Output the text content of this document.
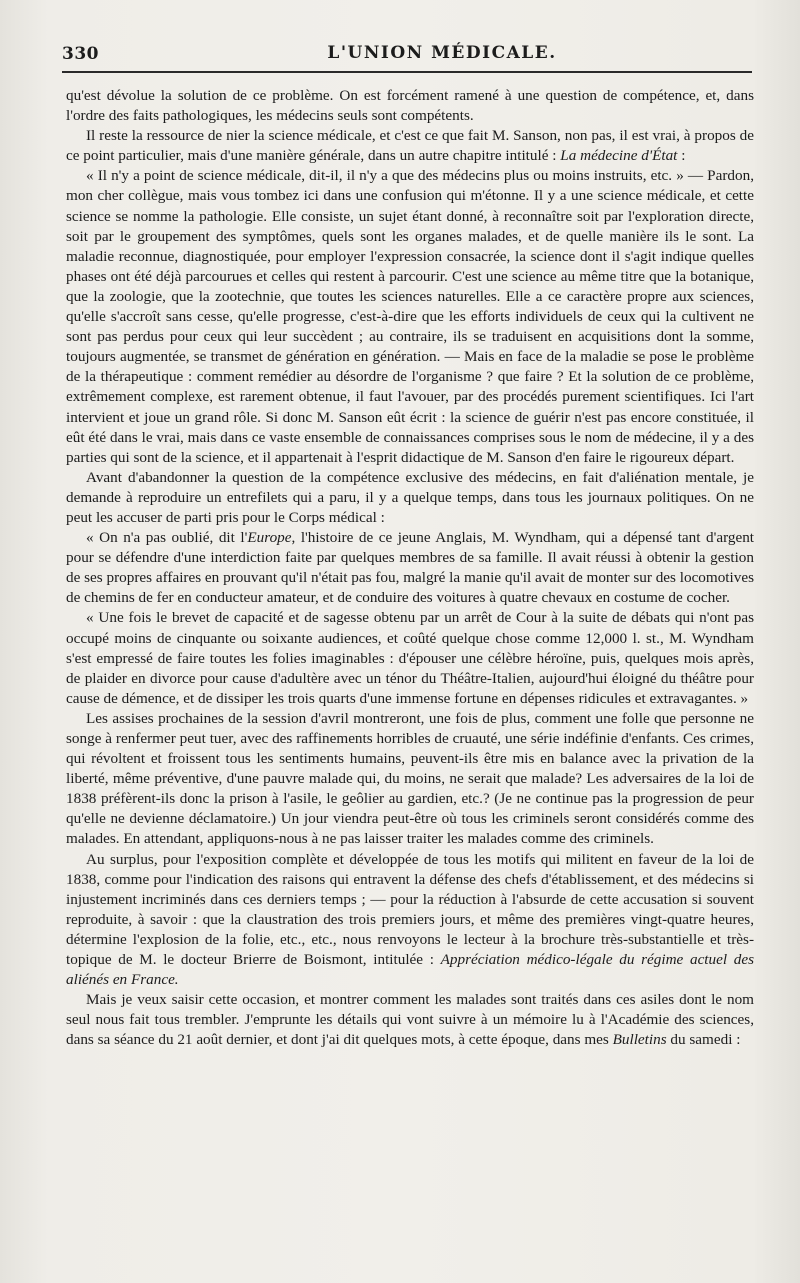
330	L'UNION MÉDICALE.

qu'est dévolue la solution de ce problème. On est forcément ramené à une question de compétence, et, dans l'ordre des faits pathologiques, les médecins seuls sont compétents.

Il reste la ressource de nier la science médicale, et c'est ce que fait M. Sanson, non pas, il est vrai, à propos de ce point particulier, mais d'une manière générale, dans un autre chapitre intitulé : La médecine d'État :

« Il n'y a point de science médicale, dit-il, il n'y a que des médecins plus ou moins instruits, etc. » — Pardon, mon cher collègue, mais vous tombez ici dans une confusion qui m'étonne. Il y a une science médicale, et cette science se nomme la pathologie. Elle consiste, un sujet étant donné, à reconnaître soit par l'exploration directe, soit par le groupement des symptômes, quels sont les organes malades, et de quelle manière ils le sont. La maladie reconnue, diagnostiquée, pour employer l'expression consacrée, la science dont il s'agit indique quelles phases ont été déjà parcourues et celles qui restent à parcourir. C'est une science au même titre que la botanique, que la zoologie, que la zootechnie, que toutes les sciences naturelles. Elle a ce caractère propre aux sciences, qu'elle s'accroît sans cesse, qu'elle progresse, c'est-à-dire que les efforts individuels de ceux qui la cultivent ne sont pas perdus pour ceux qui leur succèdent ; au contraire, ils se traduisent en acquisitions dont la somme, toujours augmentée, se transmet de génération en génération. — Mais en face de la maladie se pose le problème de la thérapeutique : comment remédier au désordre de l'organisme ? que faire ? Et la solution de ce problème, extrêmement complexe, est rarement obtenue, il faut l'avouer, par des procédés purement scientifiques. Ici l'art intervient et joue un grand rôle. Si donc M. Sanson eût écrit : la science de guérir n'est pas encore constituée, il eût été dans le vrai, mais dans ce vaste ensemble de connaissances comprises sous le nom de médecine, il y a des parties qui sont de la science, et il appartenait à l'esprit didactique de M. Sanson d'en faire le rigoureux départ.

Avant d'abandonner la question de la compétence exclusive des médecins, en fait d'aliénation mentale, je demande à reproduire un entrefilets qui a paru, il y a quelque temps, dans tous les journaux politiques. On ne peut les accuser de parti pris pour le Corps médical :

« On n'a pas oublié, dit l'Europe, l'histoire de ce jeune Anglais, M. Wyndham, qui a dépensé tant d'argent pour se défendre d'une interdiction faite par quelques membres de sa famille. Il avait réussi à obtenir la gestion de ses propres affaires en prouvant qu'il n'était pas fou, malgré la manie qu'il avait de monter sur des locomotives de chemins de fer en conducteur amateur, et de conduire des voitures à quatre chevaux en costume de cocher.

« Une fois le brevet de capacité et de sagesse obtenu par un arrêt de Cour à la suite de débats qui n'ont pas occupé moins de cinquante ou soixante audiences, et coûté quelque chose comme 12,000 l. st., M. Wyndham s'est empressé de faire toutes les folies imaginables : d'épouser une célèbre héroïne, puis, quelques mois après, de plaider en divorce pour cause d'adultère avec un ténor du Théâtre-Italien, aujourd'hui éloigné du théâtre pour cause de démence, et de dissiper les trois quarts d'une immense fortune en dépenses ridicules et extravagantes. »

Les assises prochaines de la session d'avril montreront, une fois de plus, comment une folle que personne ne songe à renfermer peut tuer, avec des raffinements horribles de cruauté, une série indéfinie d'enfants. Ces crimes, qui révoltent et froissent tous les sentiments humains, peuvent-ils être mis en balance avec la privation de la liberté, même préventive, d'une pauvre malade qui, du moins, ne serait que malade? Les adversaires de la loi de 1838 préfèrent-ils donc la prison à l'asile, le geôlier au gardien, etc.? (Je ne continue pas la progression de peur qu'elle ne devienne déclamatoire.) Un jour viendra peut-être où tous les criminels seront considérés comme des malades. En attendant, appliquons-nous à ne pas laisser traiter les malades comme des criminels.

Au surplus, pour l'exposition complète et développée de tous les motifs qui militent en faveur de la loi de 1838, comme pour l'indication des raisons qui entravent la défense des chefs d'établissement, et des médecins si injustement incriminés dans ces derniers temps ; — pour la réduction à l'absurde de cette accusation si souvent reproduite, à savoir : que la claustration des trois premiers jours, et même des premières vingt-quatre heures, détermine l'explosion de la folie, etc., etc., nous renvoyons le lecteur à la brochure très-substantielle et très-topique de M. le docteur Brierre de Boismont, intitulée : Appréciation médico-légale du régime actuel des aliénés en France.

Mais je veux saisir cette occasion, et montrer comment les malades sont traités dans ces asiles dont le nom seul nous fait tous trembler. J'emprunte les détails qui vont suivre à un mémoire lu à l'Académie des sciences, dans sa séance du 21 août dernier, et dont j'ai dit quelques mots, à cette époque, dans mes Bulletins du samedi :
